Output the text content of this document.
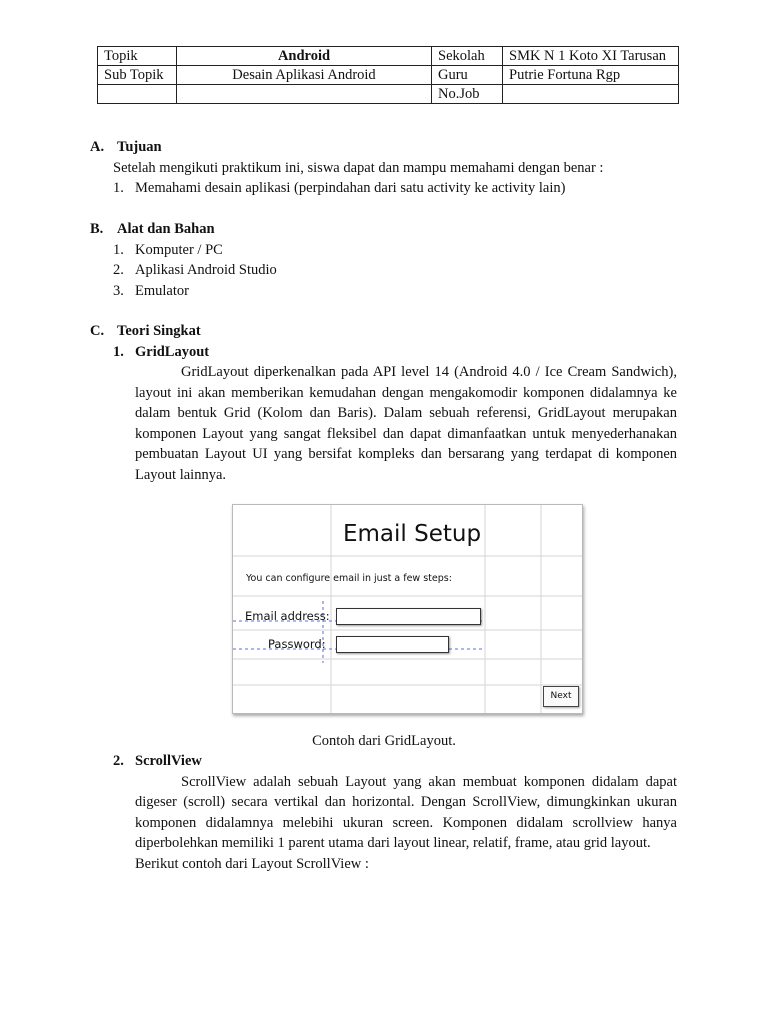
Topik	Android	Sekolah	SMK N 1 Koto XI Tarusan
Sub Topik	Desain Aplikasi Android	Guru	Putrie Fortuna Rgp
		No.Job	
A. Tujuan
Setelah mengikuti praktikum ini, siswa dapat dan mampu memahami dengan benar :
1. Memahami desain aplikasi (perpindahan dari satu activity ke activity lain)
B. Alat dan Bahan
1. Komputer / PC
2. Aplikasi Android Studio
3. Emulator
C. Teori Singkat
1. GridLayout
GridLayout diperkenalkan pada API level 14 (Android 4.0 / Ice Cream Sandwich), layout ini akan memberikan kemudahan dengan mengakomodir komponen didalamnya ke dalam bentuk Grid (Kolom dan Baris). Dalam sebuah referensi, GridLayout merupakan komponen Layout yang sangat fleksibel dan dapat dimanfaatkan untuk menyederhanakan pembuatan Layout UI yang bersifat kompleks dan bersarang yang terdapat di komponen Layout lainnya.
Email Setup
You can configure email in just a few steps:
Email address:
Password:
Next
Contoh dari GridLayout.
2. ScrollView
ScrollView adalah sebuah Layout yang akan membuat komponen didalam dapat digeser (scroll) secara vertikal dan horizontal. Dengan ScrollView, dimungkinkan ukuran komponen didalamnya melebihi ukuran screen. Komponen didalam scrollview hanya diperbolehkan memiliki 1 parent utama dari layout linear, relatif, frame, atau grid layout.
Berikut contoh dari Layout ScrollView :
